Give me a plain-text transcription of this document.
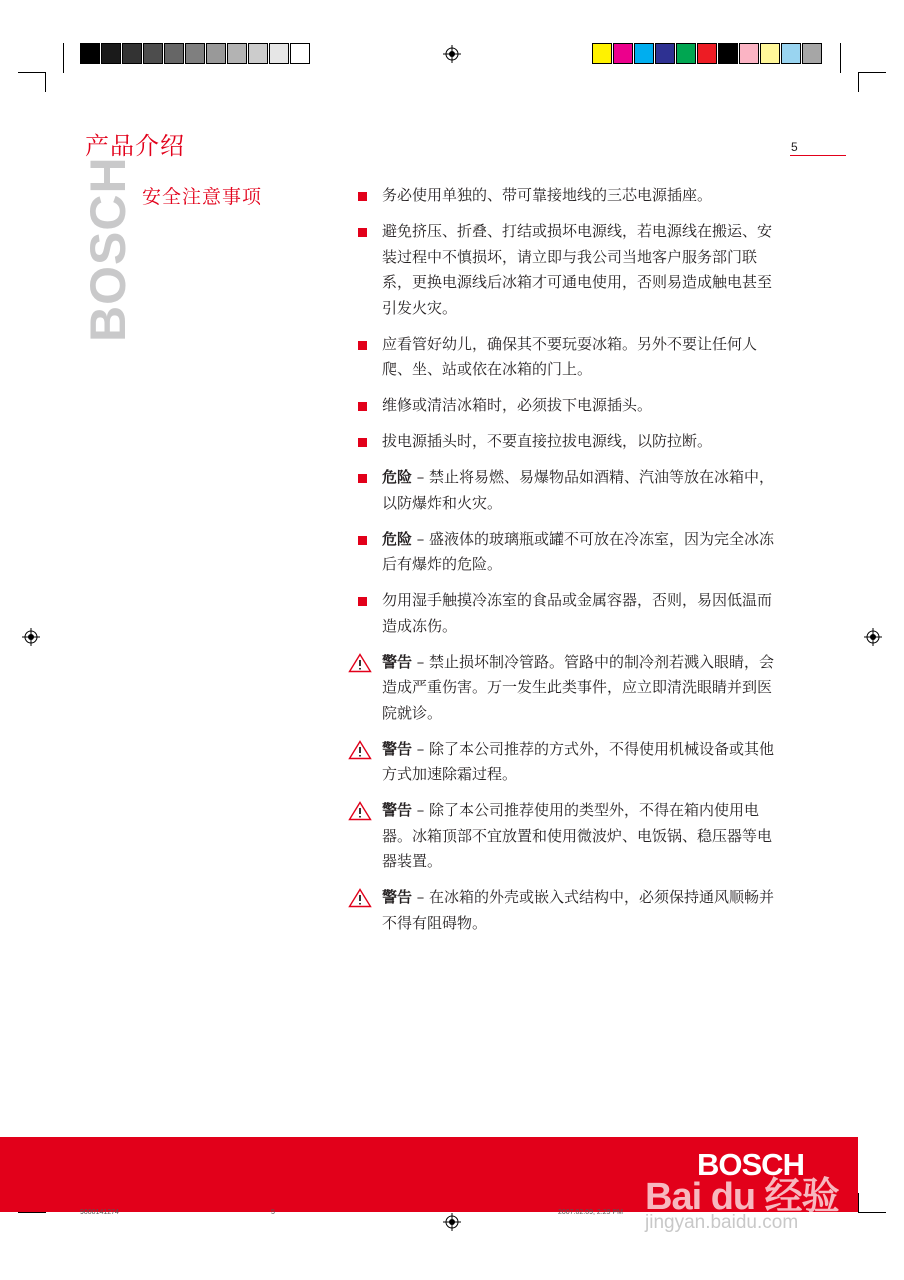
产品介绍	5
BOSCH 安全注意事项	务必使用单独的、带可靠接地线的三芯电源插座。
避免挤压、折叠、打结或损坏电源线，若电源线在搬运、安装过程中不慎损坏，请立即与我公司当地客户服务部门联系，更换电源线后冰箱才可通电使用，否则易造成触电甚至引发火灾。
应看管好幼儿，确保其不要玩耍冰箱。另外不要让任何人爬、坐、站或依在冰箱的门上。
维修或清洁冰箱时，必须拔下电源插头。
拔电源插头时，不要直接拉拔电源线，以防拉断。
危险 – 禁止将易燃、易爆物品如酒精、汽油等放在冰箱中，以防爆炸和火灾。
危险 – 盛液体的玻璃瓶或罐不可放在冷冻室，因为完全冰冻后有爆炸的危险。
勿用湿手触摸冷冻室的食品或金属容器，否则，易因低温而造成冻伤。
警告 – 禁止损坏制冷管路。管路中的制冷剂若溅入眼睛，会造成严重伤害。万一发生此类事件，应立即清洗眼睛并到医院就诊。
警告 – 除了本公司推荐的方式外，不得使用机械设备或其他方式加速除霜过程。
警告 – 除了本公司推荐使用的类型外，不得在箱内使用电器。冰箱顶部不宜放置和使用微波炉、电饭锅、稳压器等电器装置。
警告 – 在冰箱的外壳或嵌入式结构中，必须保持通风顺畅并不得有阻碍物。
BOSCH
Bai du 经验
jingyan.baidu.com
9000141274	5	2007.02.09, 2:29 PM
